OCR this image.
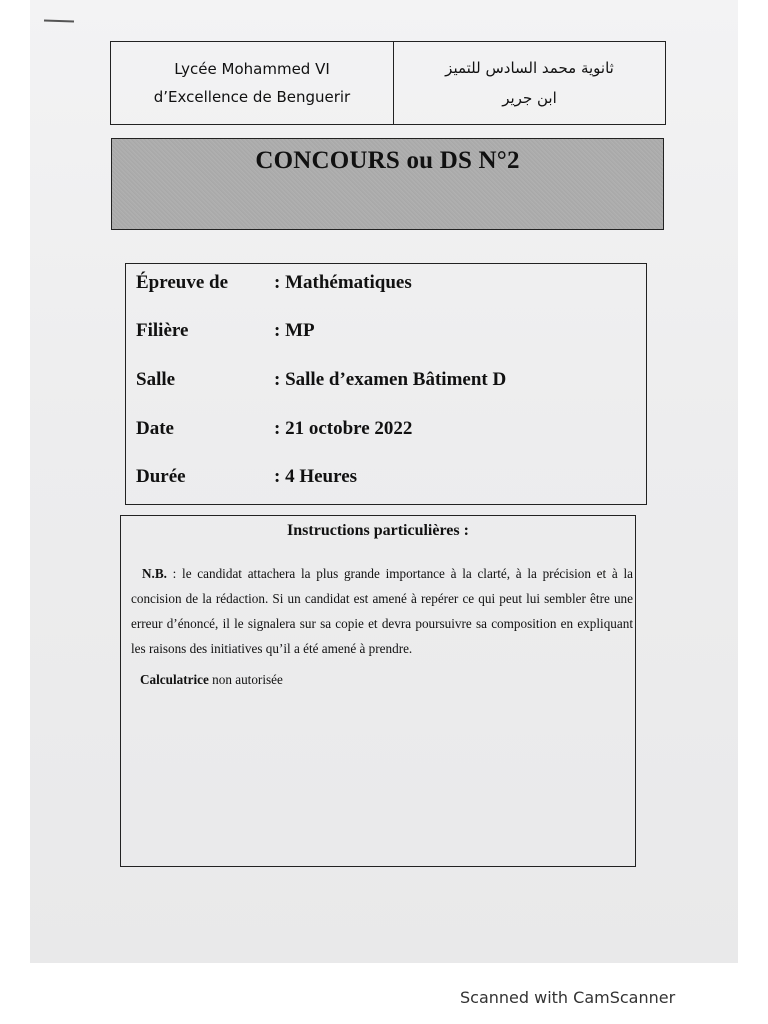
Lycée Mohammed VI
d’Excellence de Benguerir
ثانوية محمد السادس للتميز
ابن جرير
CONCOURS ou DS N°2
Épreuve de : Mathématiques
Filière	: MP
Salle	: Salle d’examen Bâtiment D
Date	: 21 octobre 2022
Durée	: 4 Heures
Instructions particulières :
N.B. : le candidat attachera la plus grande importance à la clarté, à la précision et à la concision de la rédaction. Si un candidat est amené à repérer ce qui peut lui sembler être une erreur d’énoncé, il le signalera sur sa copie et devra poursuivre sa composition en expliquant les raisons des initiatives qu’il a été amené à prendre.
Calculatrice non autorisée
Scanned with CamScanner
